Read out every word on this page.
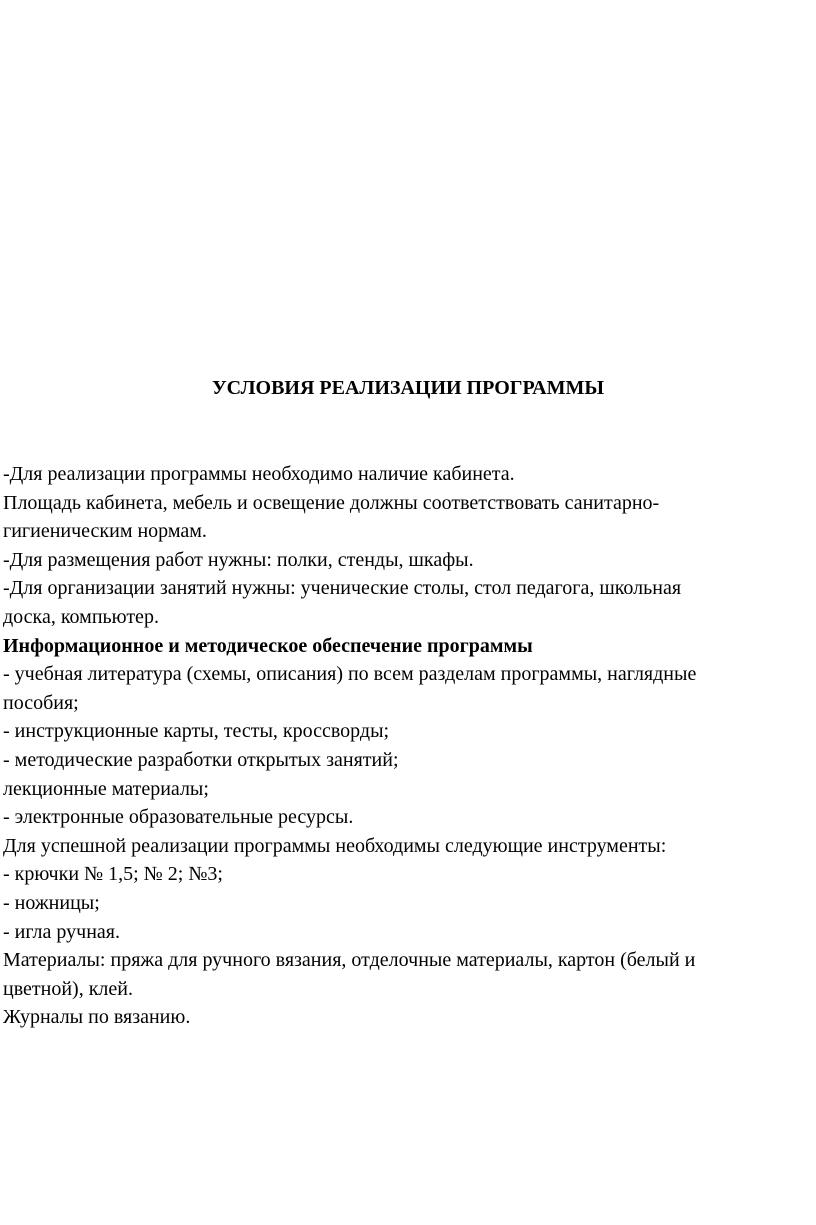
УСЛОВИЯ РЕАЛИЗАЦИИ ПРОГРАММЫ
-Для реализации программы необходимо наличие кабинета.
Площадь кабинета, мебель и освещение должны соответствовать санитарно-
гигиеническим нормам.
-Для размещения работ нужны: полки, стенды, шкафы.
-Для организации занятий нужны: ученические столы, стол педагога, школьная
доска, компьютер.
Информационное и методическое обеспечение программы
- учебная литература (схемы, описания) по всем разделам программы, наглядные
пособия;
- инструкционные карты, тесты, кроссворды;
- методические разработки открытых занятий;
лекционные материалы;
- электронные образовательные ресурсы.
Для успешной реализации программы необходимы следующие инструменты:
- крючки № 1,5; № 2; №3;
- ножницы;
- игла ручная.
Материалы: пряжа для ручного вязания, отделочные материалы, картон (белый и
цветной), клей.
Журналы по вязанию.
